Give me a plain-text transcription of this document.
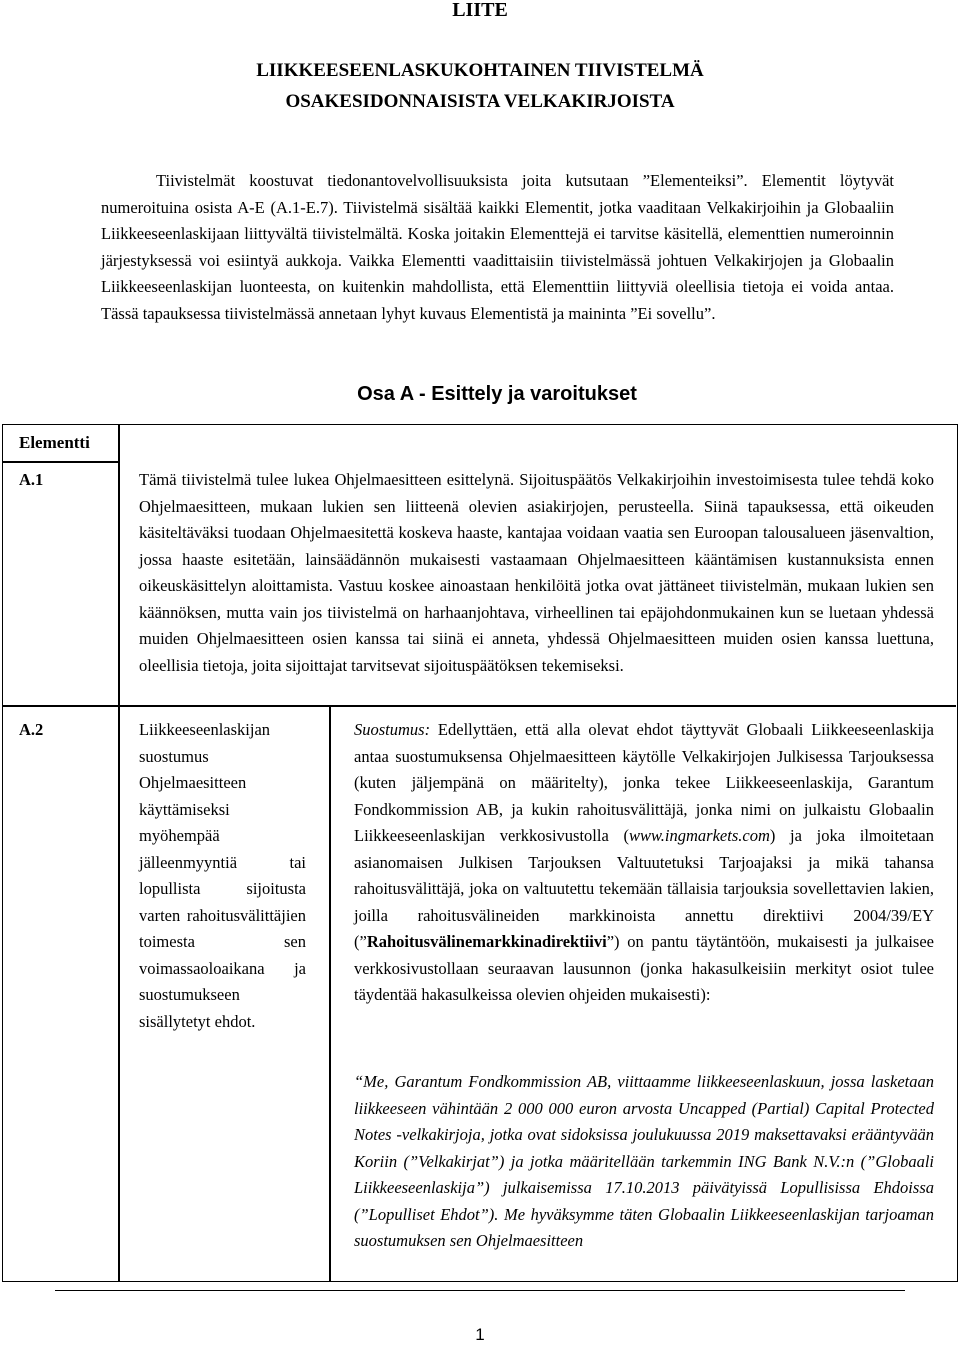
LIITE
LIIKKEESEENLASKUKOHTAINEN TIIVISTELMÄ OSAKESIDONNAISISTA VELKAKIRJOISTA
Tiivistelmät koostuvat tiedonantovelvollisuuksista joita kutsutaan ”Elementeiksi”. Elementit löytyvät numeroituina osista A-E (A.1-E.7). Tiivistelmä sisältää kaikki Elementit, jotka vaaditaan Velkakirjoihin ja Globaaliin Liikkeeseenlaskijaan liittyvältä tiivistelmältä. Koska joitakin Elementtejä ei tarvitse käsitellä, elementtien numeroinnin järjestyksessä voi esiintyä aukkoja. Vaikka Elementti vaadittaisiin tiivistelmässä johtuen Velkakirjojen ja Globaalin Liikkeeseenlaskijan luonteesta, on kuitenkin mahdollista, että Elementtiin liittyviä oleellisia tietoja ei voida antaa. Tässä tapauksessa tiivistelmässä annetaan lyhyt kuvaus Elementistä ja maininta ”Ei sovellu”.
Osa A - Esittely ja varoitukset
Elementti
A.1	Tämä tiivistelmä tulee lukea Ohjelmaesitteen esittelynä. Sijoituspäätös Velkakirjoihin investoimisesta tulee tehdä koko Ohjelmaesitteen, mukaan lukien sen liitteenä olevien asiakirjojen, perusteella. Siinä tapauksessa, että oikeuden käsiteltäväksi tuodaan Ohjelmaesitettä koskeva haaste, kantajaa voidaan vaatia sen Euroopan talousalueen jäsenvaltion, jossa haaste esitetään, lainsäädännön mukaisesti vastaamaan Ohjelmaesitteen kääntämisen kustannuksista ennen oikeuskäsittelyn aloittamista. Vastuu koskee ainoastaan henkilöitä jotka ovat jättäneet tiivistelmän, mukaan lukien sen käännöksen, mutta vain jos tiivistelmä on harhaanjohtava, virheellinen tai epäjohdonmukainen kun se luetaan yhdessä muiden Ohjelmaesitteen osien kanssa tai siinä ei anneta, yhdessä Ohjelmaesitteen muiden osien kanssa luettuna, oleellisia tietoja, joita sijoittajat tarvitsevat sijoituspäätöksen tekemiseksi.
A.2	Liikkeeseenlaskijan suostumus Ohjelmaesitteen käyttämiseksi myöhempää jälleenmyyntiä tai lopullista sijoitusta varten rahoitusvälittäjien toimesta sen voimassaoloaikana ja suostumukseen sisällytetyt ehdot.
Suostumus: Edellyttäen, että alla olevat ehdot täyttyvät Globaali Liikkeeseenlaskija antaa suostumuksensa Ohjelmaesitteen käytölle Velkakirjojen Julkisessa Tarjouksessa (kuten jäljempänä on määritelty), jonka tekee Liikkeeseenlaskija, Garantum Fondkommission AB, ja kukin rahoitusvälittäjä, jonka nimi on julkaistu Globaalin Liikkeeseenlaskijan verkkosivustolla (www.ingmarkets.com) ja joka ilmoitetaan asianomaisen Julkisen Tarjouksen Valtuutetuksi Tarjoajaksi ja mikä tahansa rahoitusvälittäjä, joka on valtuutettu tekemään tällaisia tarjouksia sovellettavien lakien, joilla rahoitusvälineiden markkinoista annettu direktiivi 2004/39/EY (”Rahoitusvälinemarkkinadirektiivi”) on pantu täytäntöön, mukaisesti ja julkaisee verkkosivustollaan seuraavan lausunnon (jonka hakasulkeisiin merkityt osiot tulee täydentää hakasulkeissa olevien ohjeiden mukaisesti):
“Me, Garantum Fondkommission AB, viittaamme liikkeeseenlaskuun, jossa lasketaan liikkeeseen vähintään 2 000 000 euron arvosta Uncapped (Partial) Capital Protected Notes -velkakirjoja, jotka ovat sidoksissa joulukuussa 2019 maksettavaksi erääntyvään Koriin (”Velkakirjat”) ja jotka määritellään tarkemmin ING Bank N.V.:n (”Globaali Liikkeeseenlaskija”) julkaisemissa 17.10.2013 päivätyissä Lopullisissa Ehdoissa (”Lopulliset Ehdot”). Me hyväksymme täten Globaalin Liikkeeseenlaskijan tarjoaman suostumuksen sen Ohjelmaesitteen
1
